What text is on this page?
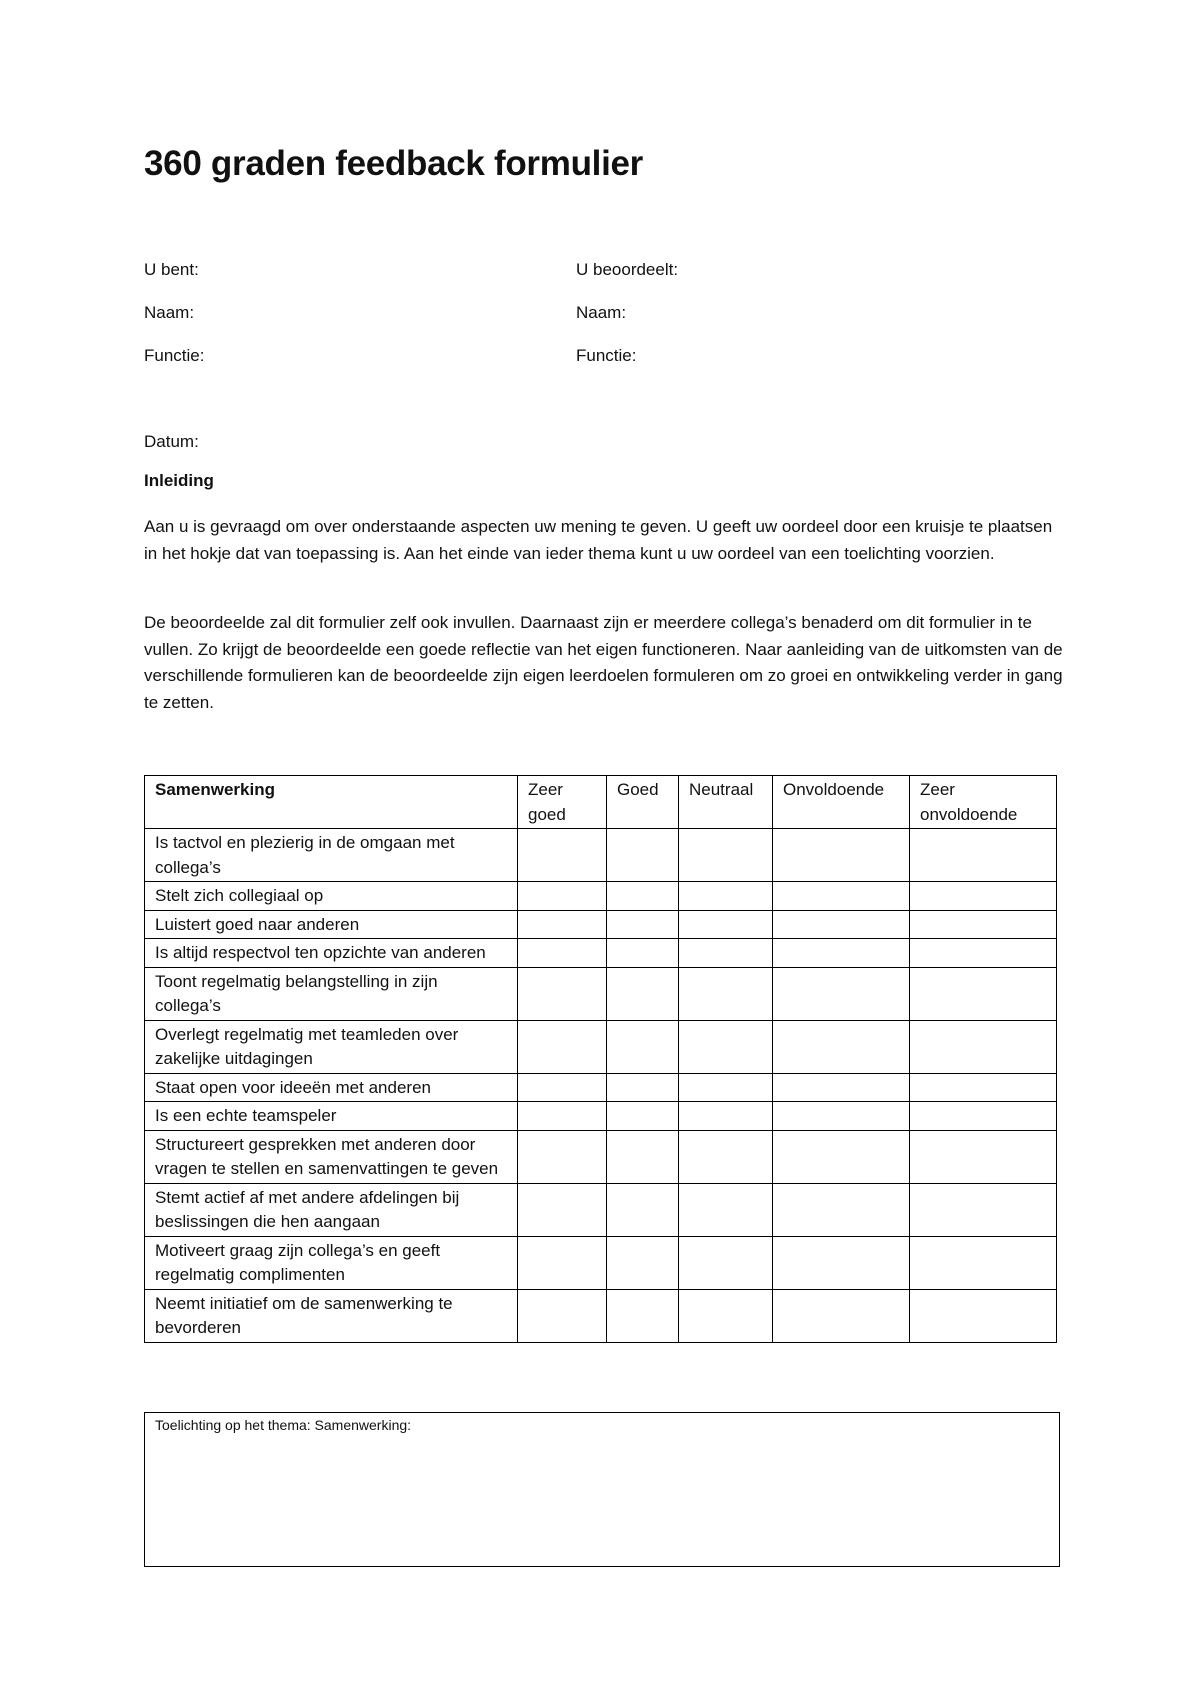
360 graden feedback formulier
U bent:
Naam:
Functie:
U beoordeelt:
Naam:
Functie:
Datum:
Inleiding

Aan u is gevraagd om over onderstaande aspecten uw mening te geven. U geeft uw oordeel door een kruisje te plaatsen in het hokje dat van toepassing is. Aan het einde van ieder thema kunt u uw oordeel van een toelichting voorzien.

De beoordeelde zal dit formulier zelf ook invullen. Daarnaast zijn er meerdere collega’s benaderd om dit formulier in te vullen. Zo krijgt de beoordeelde een goede reflectie van het eigen functioneren. Naar aanleiding van de uitkomsten van de verschillende formulieren kan de beoordeelde zijn eigen leerdoelen formuleren om zo groei en ontwikkeling verder in gang te zetten.

Samenwerking	Zeer goed	Goed	Neutraal	Onvoldoende	Zeer onvoldoende
Is tactvol en plezierig in de omgaan met collega’s					
Stelt zich collegiaal op					
Luistert goed naar anderen					
Is altijd respectvol ten opzichte van anderen					
Toont regelmatig belangstelling in zijn collega’s					
Overlegt regelmatig met teamleden over zakelijke uitdagingen					
Staat open voor ideeën met anderen					
Is een echte teamspeler					
Structureert gesprekken met anderen door vragen te stellen en samenvattingen te geven					
Stemt actief af met andere afdelingen bij beslissingen die hen aangaan					
Motiveert graag zijn collega’s en geeft regelmatig complimenten					
Neemt initiatief om de samenwerking te bevorderen					
Toelichting op het thema: Samenwerking:
